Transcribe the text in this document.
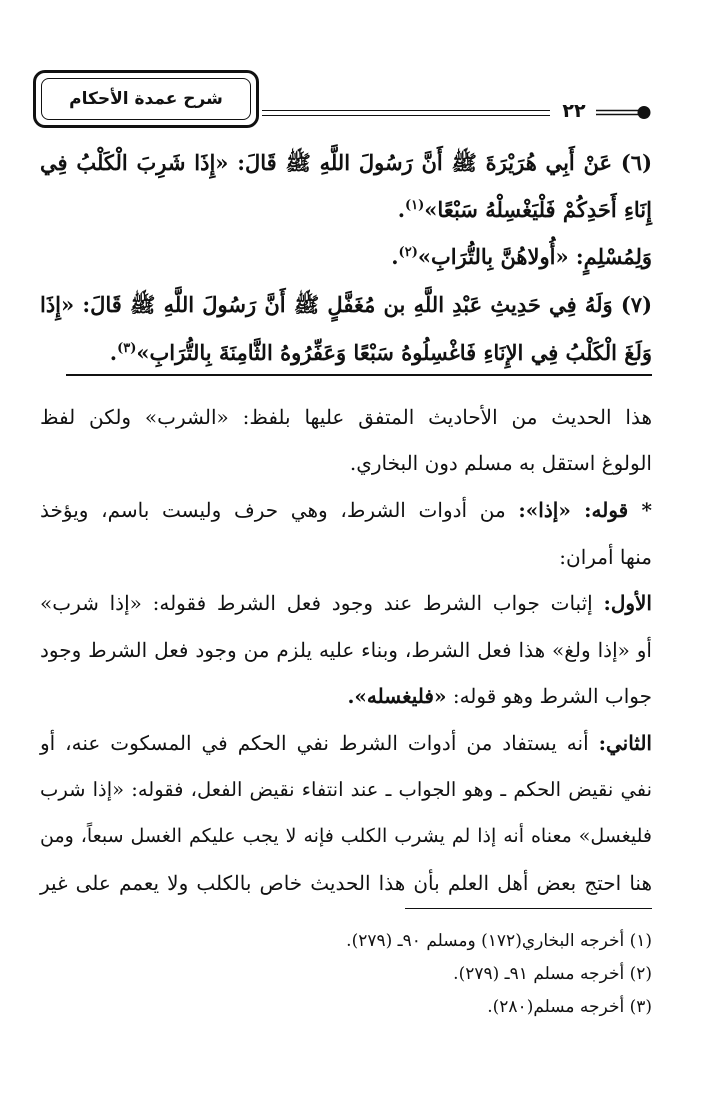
شرح عمدة الأحكام
٢٢
(٦) عَنْ أَبِي هُرَيْرَةَ ﷺ أَنَّ رَسُولَ اللَّهِ ﷺ قَالَ: «إِذَا شَرِبَ الْكَلْبُ فِي
إِنَاءِ أَحَدِكُمْ فَلْيَغْسِلْهُ سَبْعًا»$^{(١)}$.
وَلِمُسْلِمٍ: «أُولاهُنَّ بِالتُّرَابِ»$^{(٢)}$.
(٧) وَلَهُ فِي حَدِيثِ عَبْدِ اللَّهِ بن مُغَفَّلٍ ﷺ أَنَّ رَسُولَ اللَّهِ ﷺ قَالَ: «إِذَا
وَلَغَ الْكَلْبُ فِي الإِنَاءِ فَاغْسِلُوهُ سَبْعًا وَعَفِّرُوهُ الثَّامِنَةَ بِالتُّرَابِ»$^{(٣)}$.
هذا الحديث من الأحاديث المتفق عليها بلفظ: «الشرب» ولكن لفظ
الولوغ استقل به مسلم دون البخاري.
* قوله: «إذا»: من أدوات الشرط، وهي حرف وليست باسم، ويؤخذ
منها أمران:
الأول: إثبات جواب الشرط عند وجود فعل الشرط فقوله: «إذا شرب»
أو «إذا ولغ» هذا فعل الشرط، وبناء عليه يلزم من وجود فعل الشرط وجود
جواب الشرط وهو قوله: «فليغسله».
الثاني: أنه يستفاد من أدوات الشرط نفي الحكم في المسكوت عنه، أو
نفي نقيض الحكم ـ وهو الجواب ـ عند انتفاء نقيض الفعل، فقوله: «إذا شرب
فليغسل» معناه أنه إذا لم يشرب الكلب فإنه لا يجب عليكم الغسل سبعاً، ومن
هنا احتج بعض أهل العلم بأن هذا الحديث خاص بالكلب ولا يعمم على غير
(١) أخرجه البخاري(١٧٢) ومسلم ٩٠ـ (٢٧٩).
(٢) أخرجه مسلم ٩١ـ (٢٧٩).
(٣) أخرجه مسلم(٢٨٠).
